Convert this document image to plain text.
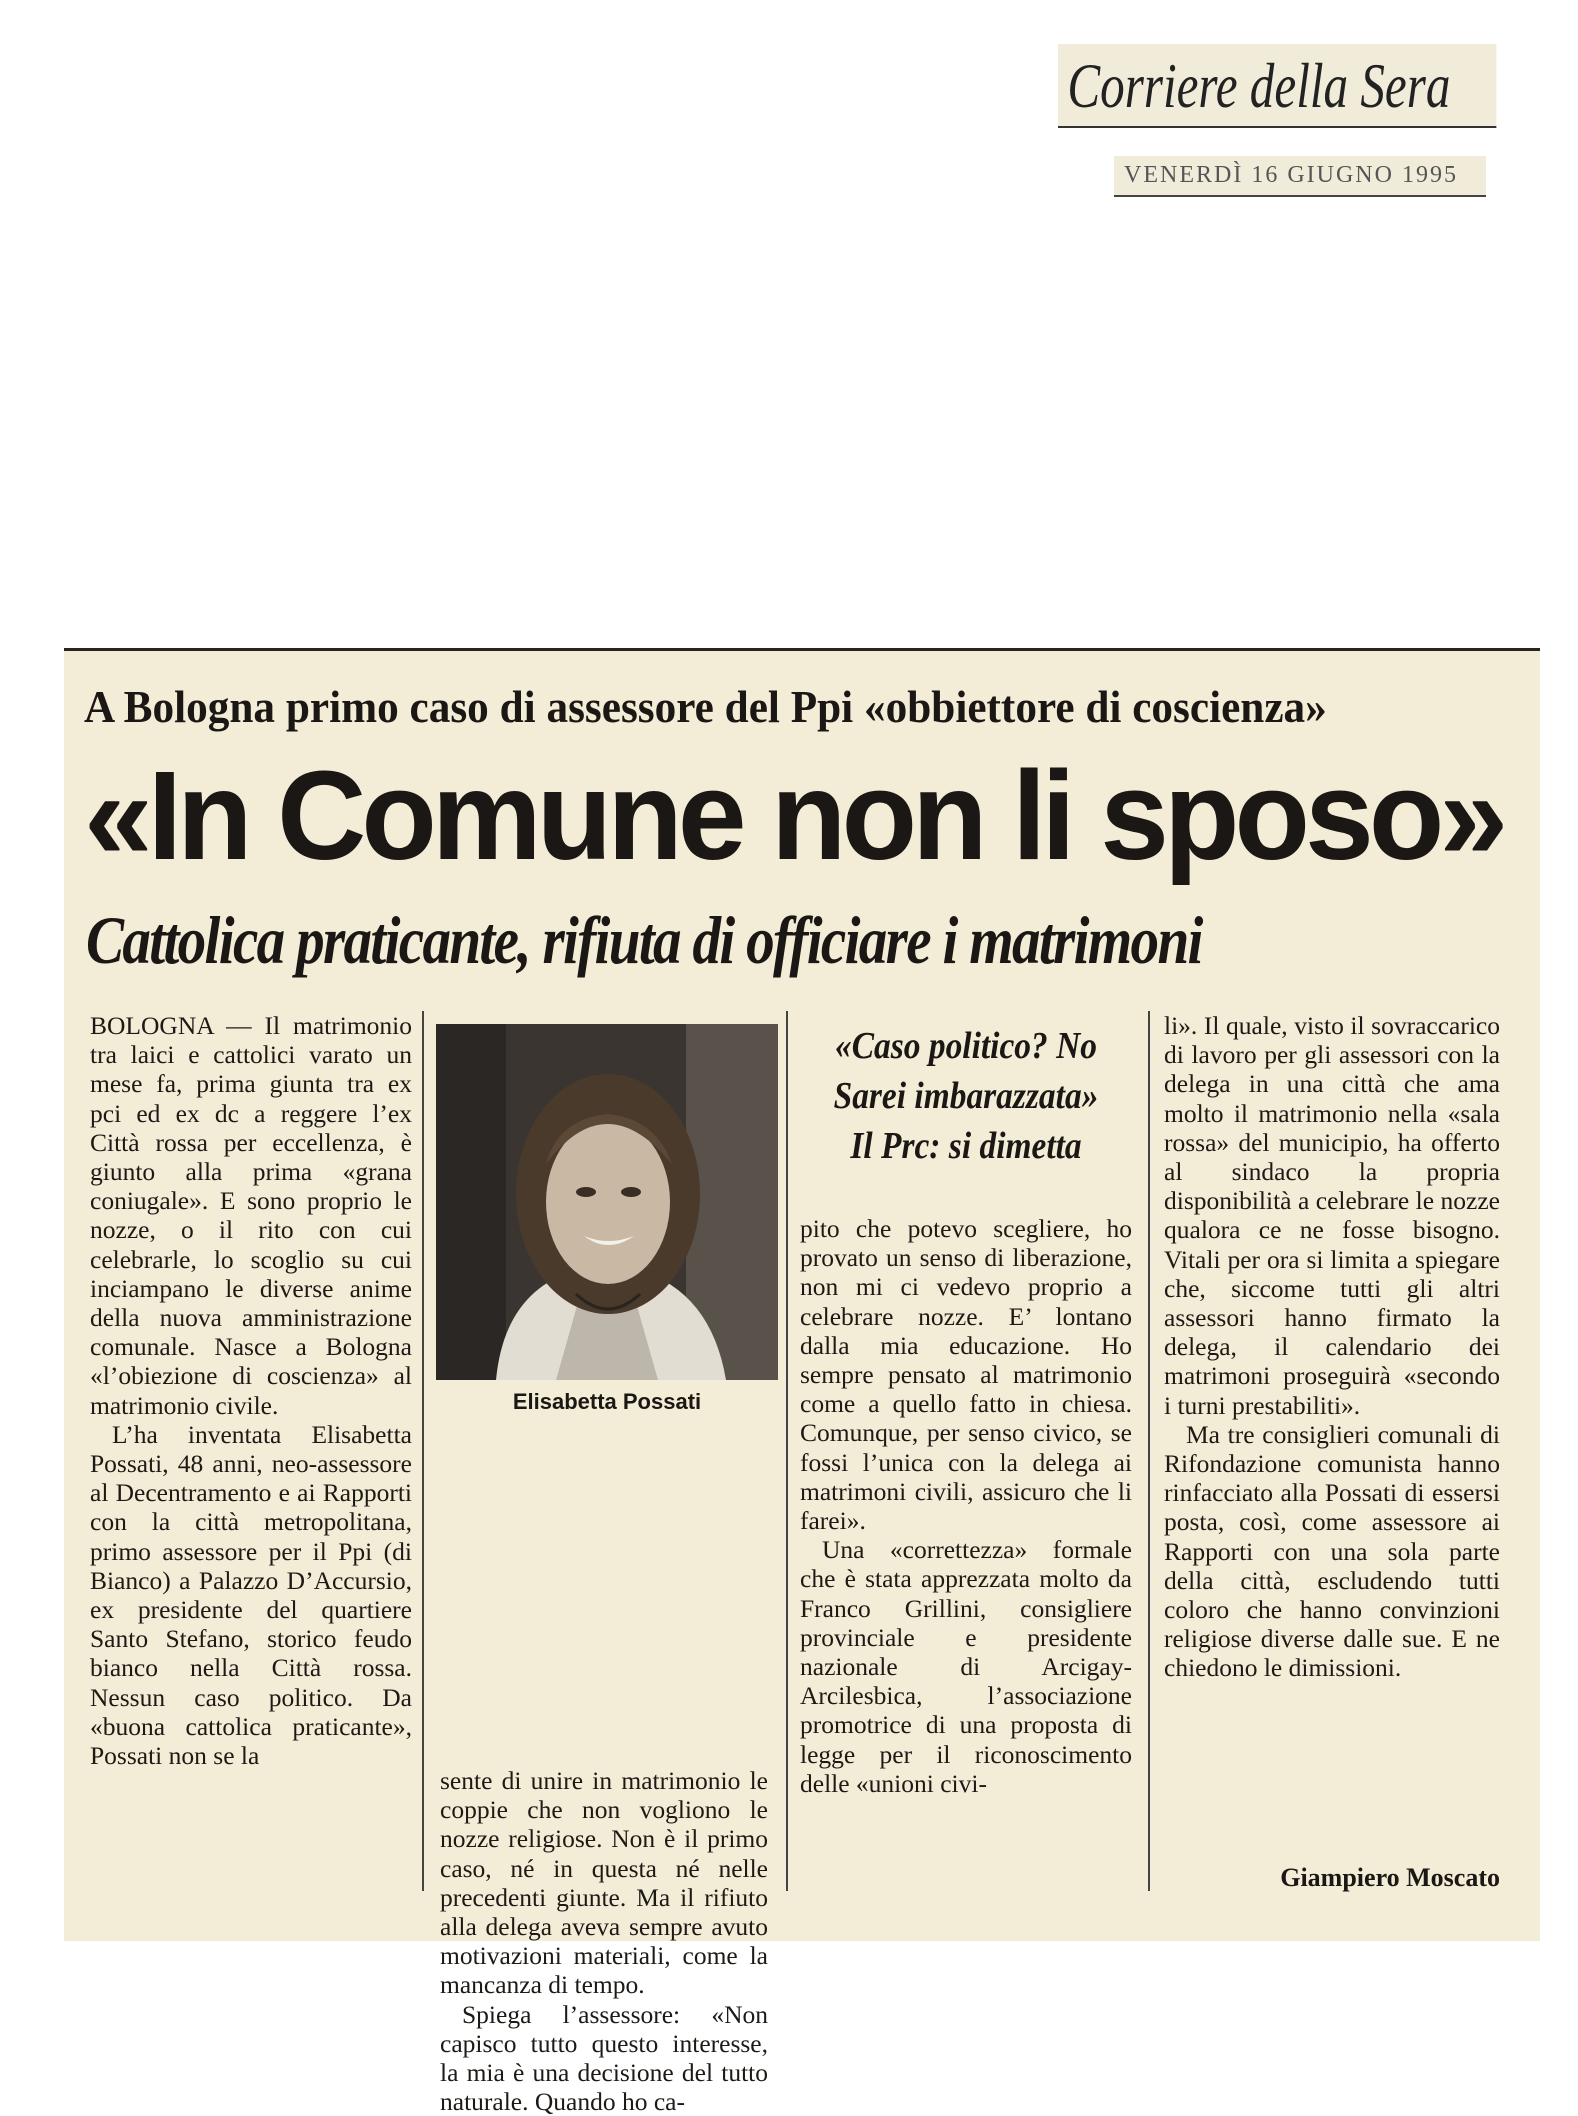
Corriere della Sera
VENERDÌ 16 GIUGNO 1995
A Bologna primo caso di assessore del Ppi «obbiettore di coscienza»
«In Comune non li sposo»
Cattolica praticante, rifiuta di officiare i matrimoni

BOLOGNA — Il matrimonio tra laici e cattolici varato un mese fa, prima giunta tra ex pci ed ex dc a reggere l’ex Città rossa per eccellenza, è giunto alla prima «grana coniugale». E sono proprio le nozze, o il rito con cui celebrarle, lo scoglio su cui inciampano le diverse anime della nuova amministrazione comunale. Nasce a Bologna «l’obiezione di coscienza» al matrimonio civile.

L’ha inventata Elisabetta Possati, 48 anni, neo-assessore al Decentramento e ai Rapporti con la città metropolitana, primo assessore per il Ppi (di Bianco) a Palazzo D’Accursio, ex presidente del quartiere Santo Stefano, storico feudo bianco nella Città rossa. Nessun caso politico. Da «buona cattolica praticante», Possati non se la

Elisabetta Possati

sente di unire in matrimonio le coppie che non vogliono le nozze religiose. Non è il primo caso, né in questa né nelle precedenti giunte. Ma il rifiuto alla delega aveva sempre avuto motivazioni materiali, come la mancanza di tempo.

Spiega l’assessore: «Non capisco tutto questo interesse, la mia è una decisione del tutto naturale. Quando ho ca-

«Caso politico? No
Sarei imbarazzata»
Il Prc: si dimetta

pito che potevo scegliere, ho provato un senso di liberazione, non mi ci vedevo proprio a celebrare nozze. E’ lontano dalla mia educazione. Ho sempre pensato al matrimonio come a quello fatto in chiesa. Comunque, per senso civico, se fossi l’unica con la delega ai matrimoni civili, assicuro che li farei».

Una «correttezza» formale che è stata apprezzata molto da Franco Grillini, consigliere provinciale e presidente nazionale di Arcigay-Arcilesbica, l’associazione promotrice di una proposta di legge per il riconoscimento delle «unioni civi-

li». Il quale, visto il sovraccarico di lavoro per gli assessori con la delega in una città che ama molto il matrimonio nella «sala rossa» del municipio, ha offerto al sindaco la propria disponibilità a celebrare le nozze qualora ce ne fosse bisogno. Vitali per ora si limita a spiegare che, siccome tutti gli altri assessori hanno firmato la delega, il calendario dei matrimoni proseguirà «secondo i turni prestabiliti».

Ma tre consiglieri comunali di Rifondazione comunista hanno rinfacciato alla Possati di essersi posta, così, come assessore ai Rapporti con una sola parte della città, escludendo tutti coloro che hanno convinzioni religiose diverse dalle sue. E ne chiedono le dimissioni.

Giampiero Moscato
